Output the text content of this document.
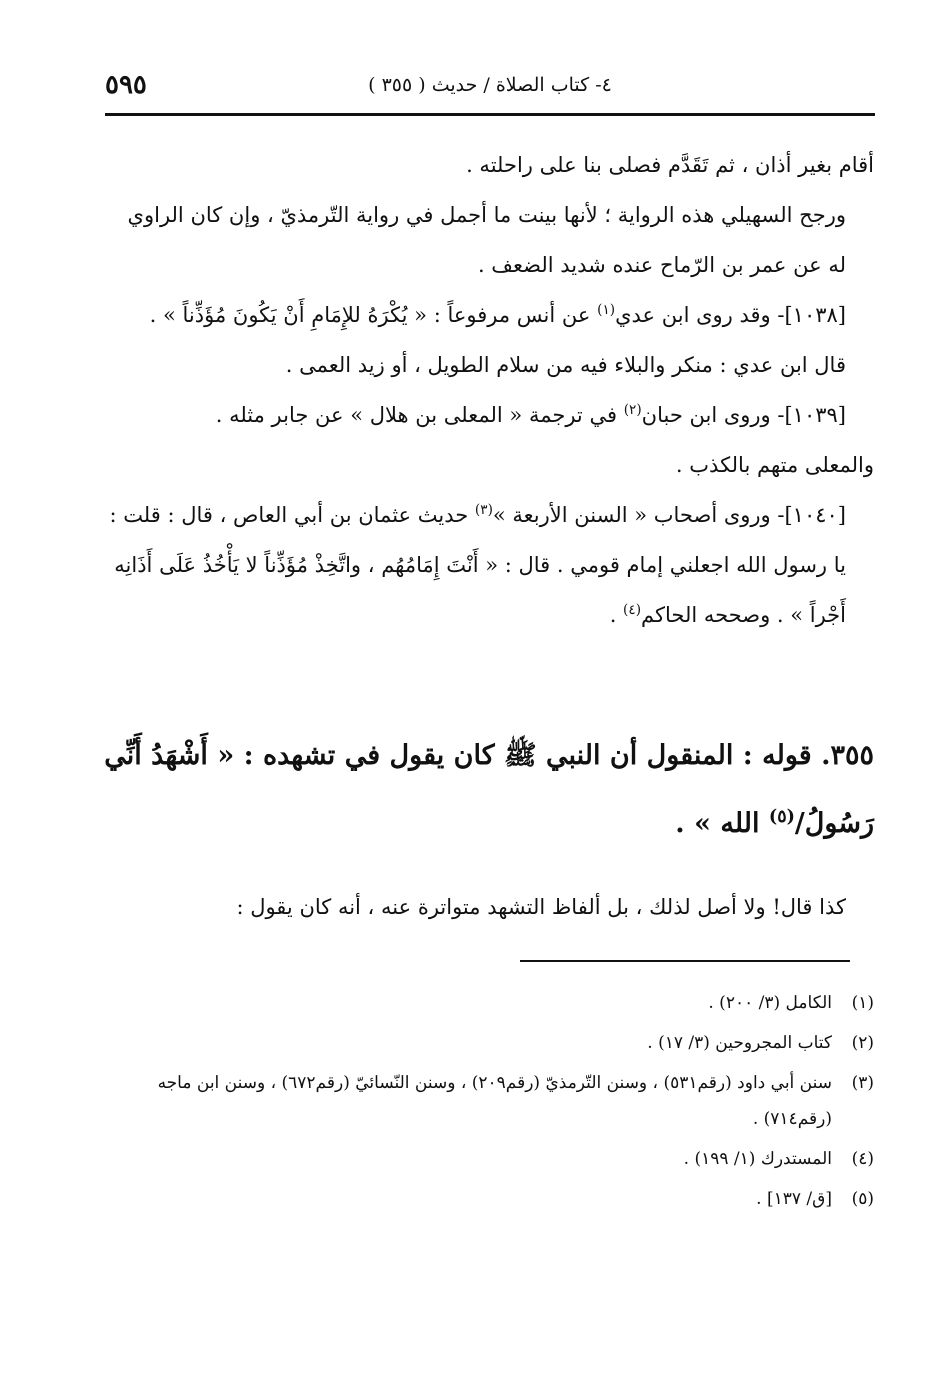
٥٩٥	٤- كتاب الصلاة / حديث ( ٣٥٥ )

أقام بغير أذان ، ثم تَقَدَّم فصلى بنا على راحلته .

ورجح السهيلي هذه الرواية ؛ لأنها بينت ما أجمل في رواية التّرمذيّ ، وإن كان الراوي له عن عمر بن الرّماح عنده شديد الضعف .

[١٠٣٨]- وقد روى ابن عدي$^{(١)}$ عن أنس مرفوعاً : « يُكْرَهُ للإِمَامِ أَنْ يَكُونَ مُؤَذِّناً » .

قال ابن عدي : منكر والبلاء فيه من سلام الطويل ، أو زيد العمى .

[١٠٣٩]- وروى ابن حبان$^{(٢)}$ في ترجمة « المعلى بن هلال » عن جابر مثله .

والمعلى متهم بالكذب .

[١٠٤٠]- وروى أصحاب « السنن الأربعة »$^{(٣)}$ حديث عثمان بن أبي العاص ، قال : قلت : يا رسول الله اجعلني إمام قومي . قال : « أَنْتَ إِمَامُهُم ، واتَّخِذْ مُؤَذِّناً لا يَأْخُذُ عَلَى أَذَانِه أَجْراً » . وصححه الحاكم$^{(٤)}$ .

٣٥٥. قوله : المنقول أن النبي ﷺ كان يقول في تشهده : « أَشْهَدُ أَنِّي رَسُولُ/$^{(٥)}$ الله » .

كذا قال! ولا أصل لذلك ، بل ألفاظ التشهد متواترة عنه ، أنه كان يقول :

(١)
الكامل (٣/ ٢٠٠) .

(٢)
كتاب المجروحين (٣/ ١٧) .

(٣)
سنن أبي داود (رقم٥٣١) ، وسنن التّرمذيّ (رقم٢٠٩) ، وسنن النّسائيّ (رقم٦٧٢) ، وسنن ابن ماجه (رقم٧١٤) .

(٤)
المستدرك (١/ ١٩٩) .

(٥)
[ق/ ١٣٧] .
